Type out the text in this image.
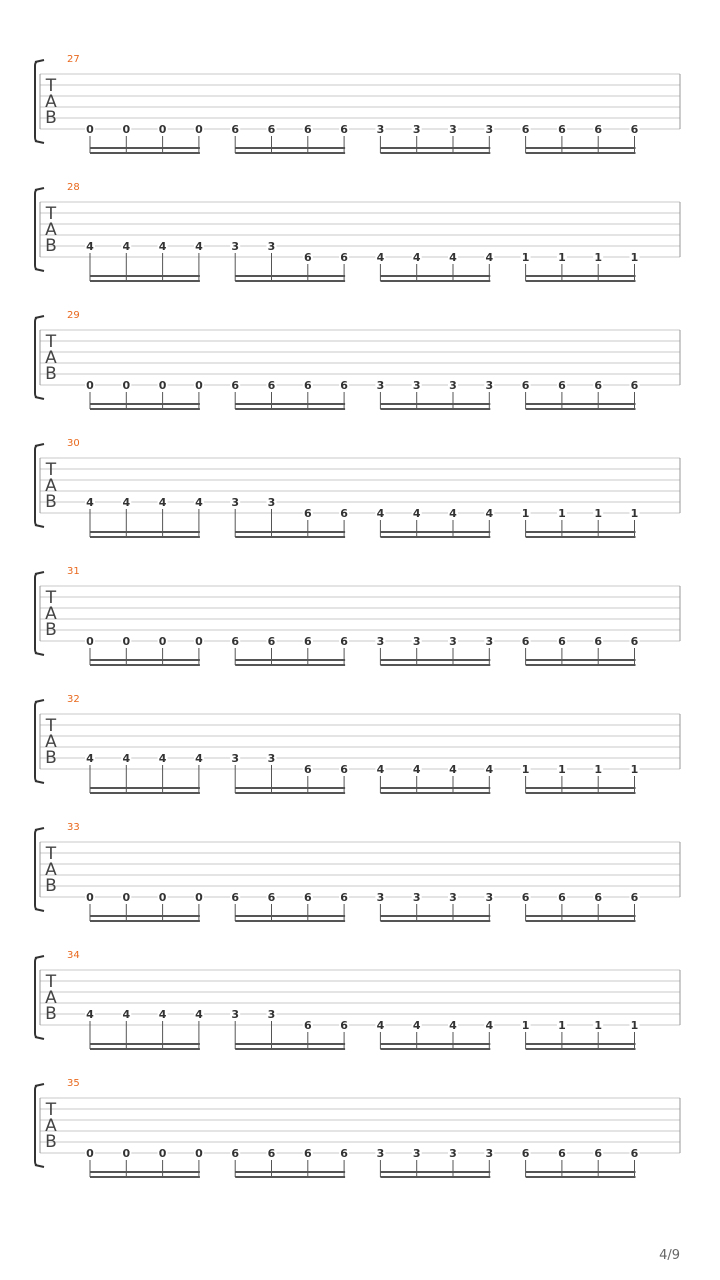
T
A
B
27
0	0	0	0	6	6	6	6	3	3	3	3	6	6	6	6
T
A
B
28
4	4	4	4	3	3
6	6	4	4	4	4	1	1	1	1
T
A
B
29
0	0	0	0	6	6	6	6	3	3	3	3	6	6	6	6
T
A
B
30
4	4	4	4	3	3
6	6	4	4	4	4	1	1	1	1
T
A
B
31
0	0	0	0	6	6	6	6	3	3	3	3	6	6	6	6
T
A
B
32
4	4	4	4	3	3
6	6	4	4	4	4	1	1	1	1
T
A
B
33
0	0	0	0	6	6	6	6	3	3	3	3	6	6	6	6
T
A
B
34
4	4	4	4	3	3
6	6	4	4	4	4	1	1	1	1
T
A
B
35
0	0	0	0	6	6	6	6	3	3	3	3	6	6	6	6
4/9
